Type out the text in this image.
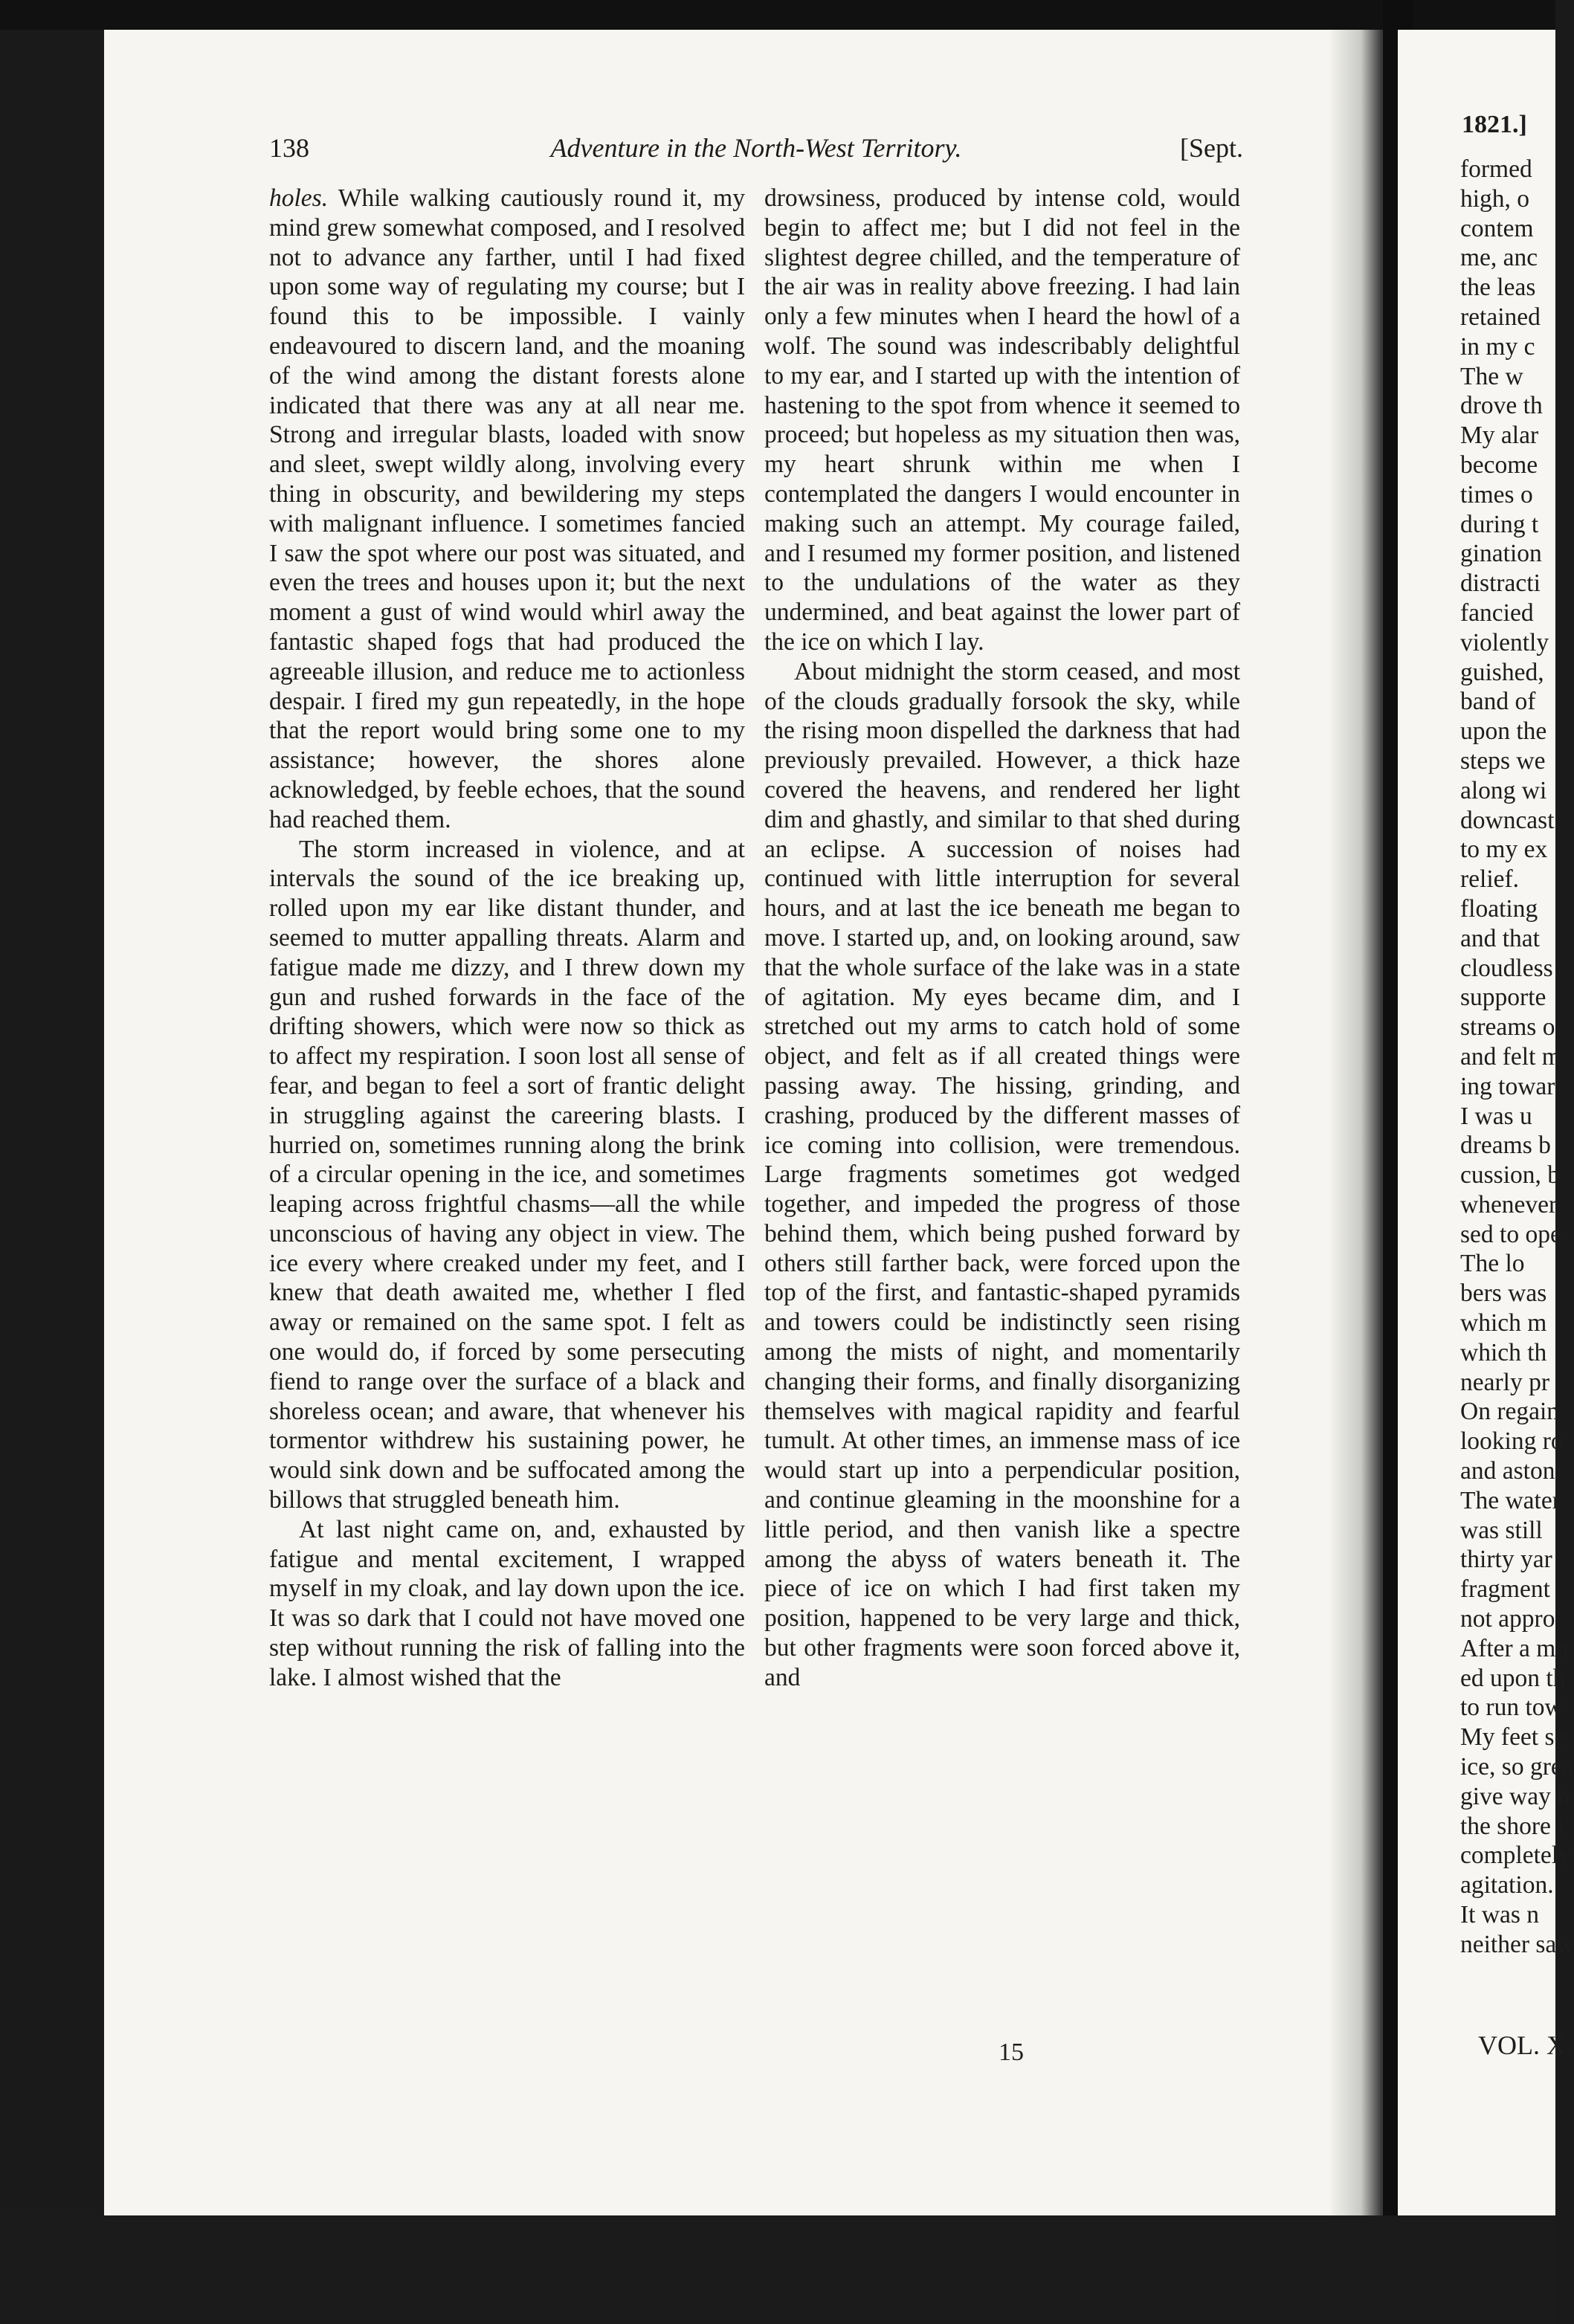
1821.]
formed
high, o
contem
me, anc
the leas
retained
in my c
The w
drove th
My alar
become
times o
during t
gination
distracti
fancied
violently
guished,
band of
upon the
steps we
along wi
downcast
to my ex
relief.
floating
and that
cloudless
supporte
streams o
and felt m
ing towar
I was u
dreams b
cussion, b
whenever
sed to ope
The lo
bers was
which m
which th
nearly pr
On regain
looking ro
and astoni
The water
was still
thirty yar
fragment
not appro
After a mo
ed upon th
to run tow
My feet se
ice, so grea
give way b
the shore i
completely
agitation.
It was n
neither saw
VOL. X.
138	Adventure in the North-West Territory.	[Sept.

holes. While walking cautiously round it, my mind grew somewhat composed, and I resolved not to advance any farther, until I had fixed upon some way of regulating my course; but I found this to be impossible. I vainly endeavoured to discern land, and the moaning of the wind among the distant forests alone indicated that there was any at all near me. Strong and irregular blasts, loaded with snow and sleet, swept wildly along, involving every thing in obscurity, and bewildering my steps with malignant influence. I sometimes fancied I saw the spot where our post was situated, and even the trees and houses upon it; but the next moment a gust of wind would whirl away the fantastic shaped fogs that had produced the agreeable illusion, and reduce me to actionless despair. I fired my gun repeatedly, in the hope that the report would bring some one to my assistance; however, the shores alone acknowledged, by feeble echoes, that the sound had reached them.

The storm increased in violence, and at intervals the sound of the ice breaking up, rolled upon my ear like distant thunder, and seemed to mutter appalling threats. Alarm and fatigue made me dizzy, and I threw down my gun and rushed forwards in the face of the drifting showers, which were now so thick as to affect my respiration. I soon lost all sense of fear, and began to feel a sort of frantic delight in struggling against the careering blasts. I hurried on, sometimes running along the brink of a circular opening in the ice, and sometimes leaping across frightful chasms—all the while unconscious of having any object in view. The ice every where creaked under my feet, and I knew that death awaited me, whether I fled away or remained on the same spot. I felt as one would do, if forced by some persecuting fiend to range over the surface of a black and shoreless ocean; and aware, that whenever his tormentor withdrew his sustaining power, he would sink down and be suffocated among the billows that struggled beneath him.

At last night came on, and, exhausted by fatigue and mental excitement, I wrapped myself in my cloak, and lay down upon the ice. It was so dark that I could not have moved one step without running the risk of falling into the lake. I almost wished that the

drowsiness, produced by intense cold, would begin to affect me; but I did not feel in the slightest degree chilled, and the temperature of the air was in reality above freezing. I had lain only a few minutes when I heard the howl of a wolf. The sound was indescribably delightful to my ear, and I started up with the intention of hastening to the spot from whence it seemed to proceed; but hopeless as my situation then was, my heart shrunk within me when I contemplated the dangers I would encounter in making such an attempt. My courage failed, and I resumed my former position, and listened to the undulations of the water as they undermined, and beat against the lower part of the ice on which I lay.

About midnight the storm ceased, and most of the clouds gradually forsook the sky, while the rising moon dispelled the darkness that had previously prevailed. However, a thick haze covered the heavens, and rendered her light dim and ghastly, and similar to that shed during an eclipse. A succession of noises had continued with little interruption for several hours, and at last the ice beneath me began to move. I started up, and, on looking around, saw that the whole surface of the lake was in a state of agitation. My eyes became dim, and I stretched out my arms to catch hold of some object, and felt as if all created things were passing away. The hissing, grinding, and crashing, produced by the different masses of ice coming into collision, were tremendous. Large fragments sometimes got wedged together, and impeded the progress of those behind them, which being pushed forward by others still farther back, were forced upon the top of the first, and fantastic-shaped pyramids and towers could be indistinctly seen rising among the mists of night, and momentarily changing their forms, and finally disorganizing themselves with magical rapidity and fearful tumult. At other times, an immense mass of ice would start up into a perpendicular position, and continue gleaming in the moonshine for a little period, and then vanish like a spectre among the abyss of waters beneath it. The piece of ice on which I had first taken my position, happened to be very large and thick, but other fragments were soon forced above it, and

15
